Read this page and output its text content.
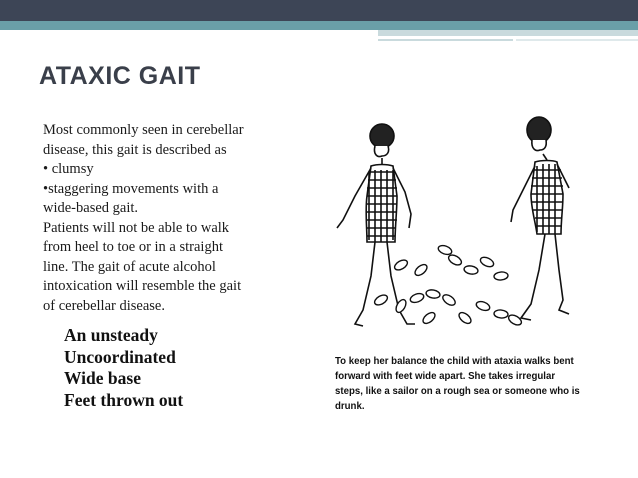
ATAXIC GAIT
Most commonly seen in cerebellar
disease, this gait is described as
• clumsy
•staggering movements with a
wide-based gait.
Patients will not be able to walk
from heel to toe or in a straight
line. The gait of acute alcohol
intoxication will resemble the gait
of cerebellar disease.
An unsteady
Uncoordinated
Wide base
Feet thrown out
To keep her balance the child with ataxia walks bent
forward with feet wide apart. She takes irregular
steps, like a sailor on a rough sea or someone who is
drunk.
